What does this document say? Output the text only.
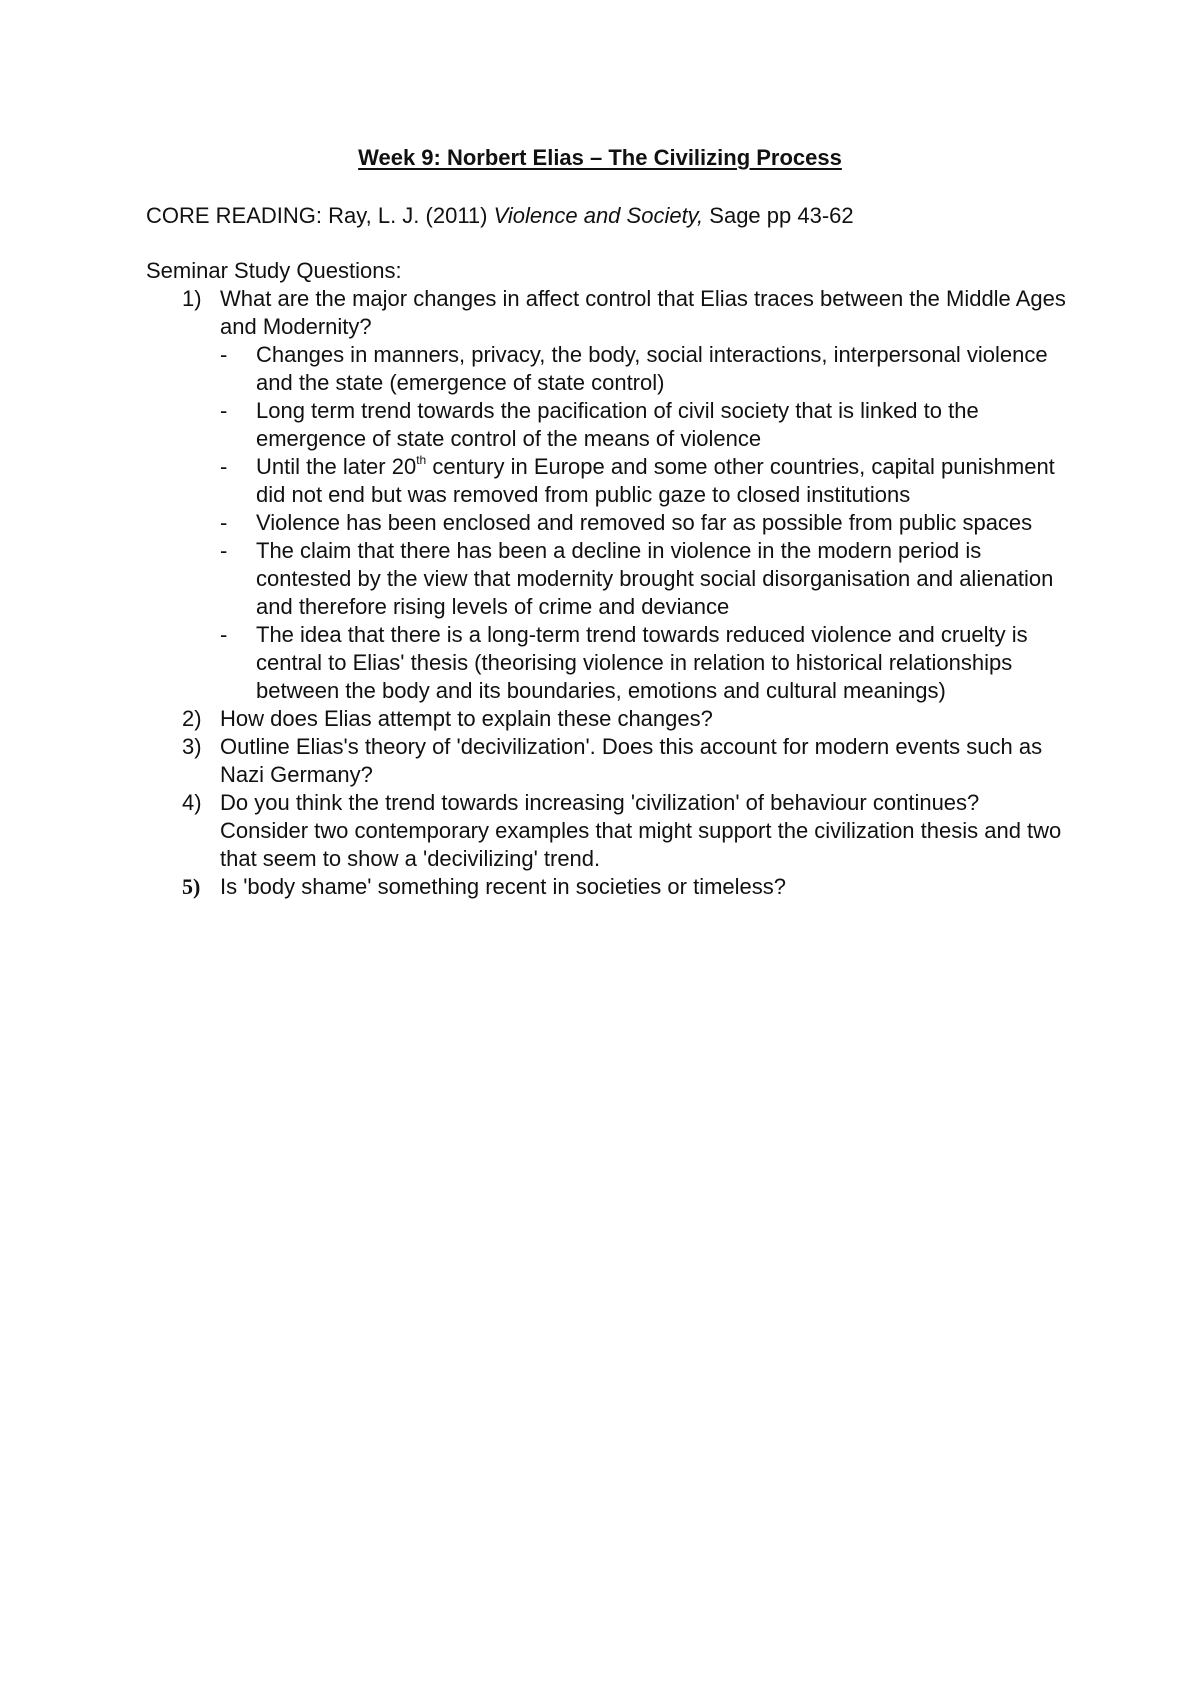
Week 9: Norbert Elias – The Civilizing Process

CORE READING: Ray, L. J. (2011) Violence and Society, Sage pp 43-62

Seminar Study Questions:

1) What are the major changes in affect control that Elias traces between the Middle Ages and Modernity?
- Changes in manners, privacy, the body, social interactions, interpersonal violence and the state (emergence of state control)
- Long term trend towards the pacification of civil society that is linked to the emergence of state control of the means of violence
- Until the later 20th century in Europe and some other countries, capital punishment did not end but was removed from public gaze to closed institutions
- Violence has been enclosed and removed so far as possible from public spaces
- The claim that there has been a decline in violence in the modern period is contested by the view that modernity brought social disorganisation and alienation and therefore rising levels of crime and deviance
- The idea that there is a long-term trend towards reduced violence and cruelty is central to Elias' thesis (theorising violence in relation to historical relationships between the body and its boundaries, emotions and cultural meanings)
2) How does Elias attempt to explain these changes?
3) Outline Elias's theory of 'decivilization'. Does this account for modern events such as Nazi Germany?
4) Do you think the trend towards increasing 'civilization' of behaviour continues? Consider two contemporary examples that might support the civilization thesis and two that seem to show a 'decivilizing' trend.
5) Is 'body shame' something recent in societies or timeless?
